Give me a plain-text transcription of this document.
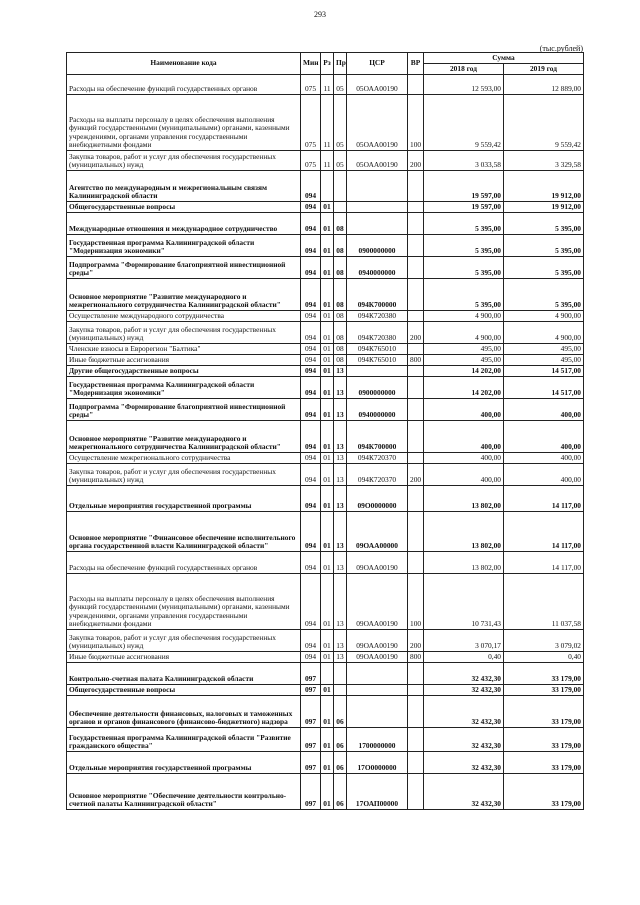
293
(тыс.рублей)
Наименование кода	Мин	Рз	Пр	ЦСР	ВР	Сумма	
						2018 год	2019 год
Расходы на обеспечение функций государственных органов	075	11	05	05ОАА00190		12 593,00	12 889,00
Расходы на выплаты персоналу в целях обеспечения выполнения функций государственными (муниципальными) органами, казенными учреждениями, органами управления государственными внебюджетными фондами	075	11	05	05ОАА00190	100	9 559,42	9 559,42
Закупка товаров, работ и услуг для обеспечения государственных (муниципальных) нужд	075	11	05	05ОАА00190	200	3 033,58	3 329,58
Агентство по международным и межрегиональным связям Калининградской области	094					19 597,00	19 912,00
Общегосударственные вопросы	094	01				19 597,00	19 912,00
Международные отношения и международное сотрудничество	094	01	08			5 395,00	5 395,00
Государственная программа Калининградской области "Модернизация экономики"	094	01	08	0900000000		5 395,00	5 395,00
Подпрограмма "Формирование благоприятной инвестиционной среды"	094	01	08	0940000000		5 395,00	5 395,00
Основное мероприятие "Развитие международного и межрегионального сотрудничества Калининградской области"	094	01	08	094К700000		5 395,00	5 395,00
Осуществление международного сотрудничества	094	01	08	094К720380		4 900,00	4 900,00
Закупка товаров, работ и услуг для обеспечения государственных (муниципальных) нужд	094	01	08	094К720380	200	4 900,00	4 900,00
Членские взносы в Еврорегион "Балтика"	094	01	08	094К765010		495,00	495,00
Иные бюджетные ассигнования	094	01	08	094К765010	800	495,00	495,00
Другие общегосударственные вопросы	094	01	13			14 202,00	14 517,00
Государственная программа Калининградской области "Модернизация экономики"	094	01	13	0900000000		14 202,00	14 517,00
Подпрограмма "Формирование благоприятной инвестиционной среды"	094	01	13	0940000000		400,00	400,00
Основное мероприятие "Развитие международного и межрегионального сотрудничества Калининградской области"	094	01	13	094К700000		400,00	400,00
Осуществление межрегионального сотрудничества	094	01	13	094К720370		400,00	400,00
Закупка товаров, работ и услуг для обеспечения государственных (муниципальных) нужд	094	01	13	094К720370	200	400,00	400,00
Отдельные мероприятия государственной программы	094	01	13	09О0000000		13 802,00	14 117,00
Основное мероприятие "Финансовое обеспечение исполнительного органа государственной власти Калининградской области"	094	01	13	09ОАА00000		13 802,00	14 117,00
Расходы на обеспечение функций государственных органов	094	01	13	09ОАА00190		13 802,00	14 117,00
Расходы на выплаты персоналу в целях обеспечения выполнения функций государственными (муниципальными) органами, казенными учреждениями, органами управления государственными внебюджетными фондами	094	01	13	09ОАА00190	100	10 731,43	11 037,58
Закупка товаров, работ и услуг для обеспечения государственных (муниципальных) нужд	094	01	13	09ОАА00190	200	3 070,17	3 079,02
Иные бюджетные ассигнования	094	01	13	09ОАА00190	800	0,40	0,40
Контрольно-счетная палата Калининградской области	097					32 432,30	33 179,00
Общегосударственные вопросы	097	01				32 432,30	33 179,00
Обеспечение деятельности финансовых, налоговых и таможенных органов и органов финансового (финансово-бюджетного) надзора	097	01	06			32 432,30	33 179,00
Государственная программа Калининградской области "Развитие гражданского общества"	097	01	06	1700000000		32 432,30	33 179,00
Отдельные мероприятия государственной программы	097	01	06	17О0000000		32 432,30	33 179,00
Основное мероприятие "Обеспечение деятельности контрольно-счетной палаты Калининградской области"	097	01	06	17ОАП00000		32 432,30	33 179,00
